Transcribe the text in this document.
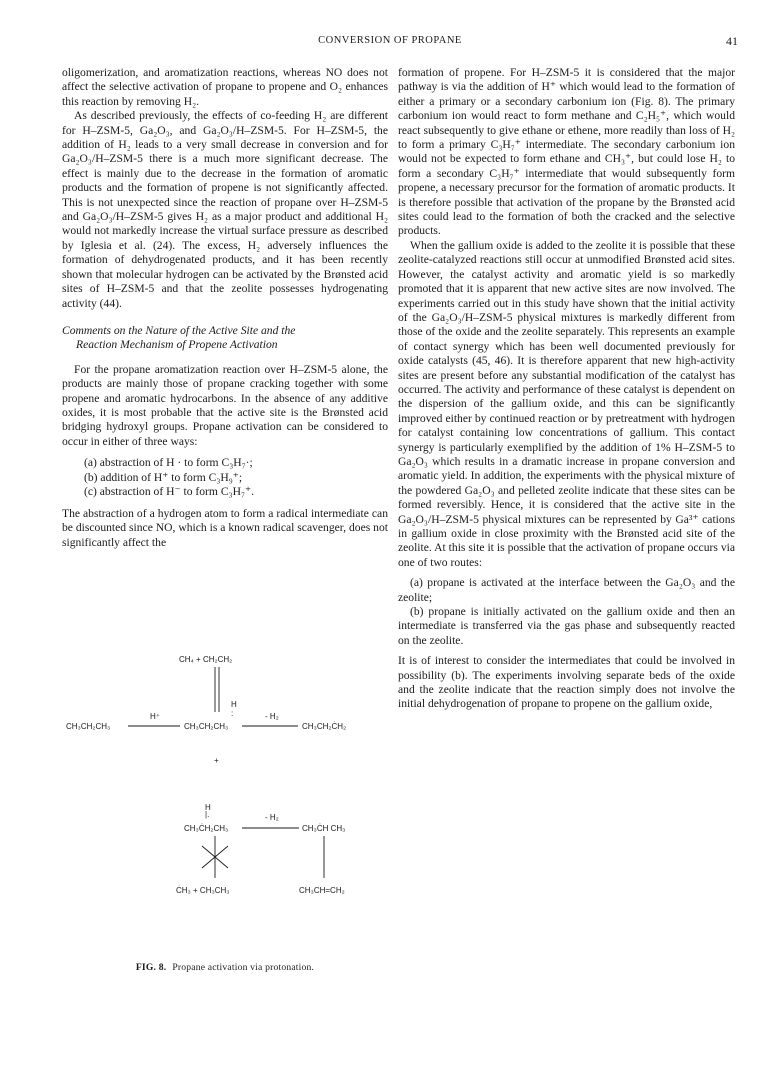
CONVERSION OF PROPANE	41

oligomerization, and aromatization reactions, whereas NO does not affect the selective activation of propane to propene and O₂ enhances this reaction by removing H₂.

As described previously, the effects of co-feeding H₂ are different for H–ZSM-5, Ga₂O₃, and Ga₂O₃/H–ZSM-5. For H–ZSM-5, the addition of H₂ leads to a very small decrease in conversion and for Ga₂O₃/H–ZSM-5 there is a much more significant decrease. The effect is mainly due to the decrease in the formation of aromatic products and the formation of propene is not significantly affected. This is not unexpected since the reaction of propane over H–ZSM-5 and Ga₂O₃/H–ZSM-5 gives H₂ as a major product and additional H₂ would not markedly increase the virtual surface pressure as described by Iglesia et al. (24). The excess, H₂ adversely influences the formation of dehydrogenated products, and it has been recently shown that molecular hydrogen can be activated by the Brønsted acid sites of H–ZSM-5 and that the zeolite possesses hydrogenating activity (44).

Comments on the Nature of the Active Site and the
Reaction Mechanism of Propene Activation

For the propane aromatization reaction over H–ZSM-5 alone, the products are mainly those of propane cracking together with some propene and aromatic hydrocarbons. In the absence of any additive oxides, it is most probable that the active site is the Brønsted acid bridging hydroxyl groups. Propane activation can be considered to occur in either of three ways:

(a) abstraction of H · to form C₃H₇·;
(b) addition of H⁺ to form C₃H₉⁺;
(c) abstraction of H⁻ to form C₃H₇⁺.

The abstraction of a hydrogen atom to form a radical intermediate can be discounted since NO, which is a known radical scavenger, does not significantly affect the

CH₄ + CH₂CH₂
CH₃CH₂CH₃
H⁺
H
:
CH₃CH₂CH₃
- H₂
CH₃CH₂ĊH₂
+
H
|.
CH₃ĊH₂CH₃
- H₂
CH₃ĊH CH₃
ĊH₃ + CH₃CH₃	CH₃CH=CH₂
FIG. 8. Propane activation via protonation.

formation of propene. For H–ZSM-5 it is considered that the major pathway is via the addition of H⁺ which would lead to the formation of either a primary or a secondary carbonium ion (Fig. 8). The primary carbonium ion would react to form methane and C₂H₅⁺, which would react subsequently to give ethane or ethene, more readily than loss of H₂ to form a primary C₃H₇⁺ intermediate. The secondary carbonium ion would not be expected to form ethane and CH₃⁺, but could lose H₂ to form a secondary C₃H₇⁺ intermediate that would subsequently form propene, a necessary precursor for the formation of aromatic products. It is therefore possible that activation of the propane by the Brønsted acid sites could lead to the formation of both the cracked and the selective products.

When the gallium oxide is added to the zeolite it is possible that these zeolite-catalyzed reactions still occur at unmodified Brønsted acid sites. However, the catalyst activity and aromatic yield is so markedly promoted that it is apparent that new active sites are now involved. The experiments carried out in this study have shown that the initial activity of the Ga₂O₃/H–ZSM-5 physical mixtures is markedly different from those of the oxide and the zeolite separately. This represents an example of contact synergy which has been well documented previously for oxide catalysts (45, 46). It is therefore apparent that new high-activity sites are present before any substantial modification of the catalyst has occurred. The activity and performance of these catalyst is dependent on the dispersion of the gallium oxide, and this can be significantly improved either by continued reaction or by pretreatment with hydrogen for catalyst containing low concentrations of gallium. This contact synergy is particularly exemplified by the addition of 1% H–ZSM-5 to Ga₂O₃ which results in a dramatic increase in propane conversion and aromatic yield. In addition, the experiments with the physical mixture of the powdered Ga₂O₃ and pelleted zeolite indicate that these sites can be formed reversibly. Hence, it is considered that the active site in the Ga₂O₃/H–ZSM-5 physical mixtures can be represented by Ga³⁺ cations in gallium oxide in close proximity with the Brønsted acid site of the zeolite. At this site it is possible that the activation of propane occurs via one of two routes:

(a) propane is activated at the interface between the Ga₂O₃ and the zeolite;

(b) propane is initially activated on the gallium oxide and then an intermediate is transferred via the gas phase and subsequently reacted on the zeolite.

It is of interest to consider the intermediates that could be involved in possibility (b). The experiments involving separate beds of the oxide and the zeolite indicate that the reaction simply does not involve the initial dehydrogenation of propane to propene on the gallium oxide,
